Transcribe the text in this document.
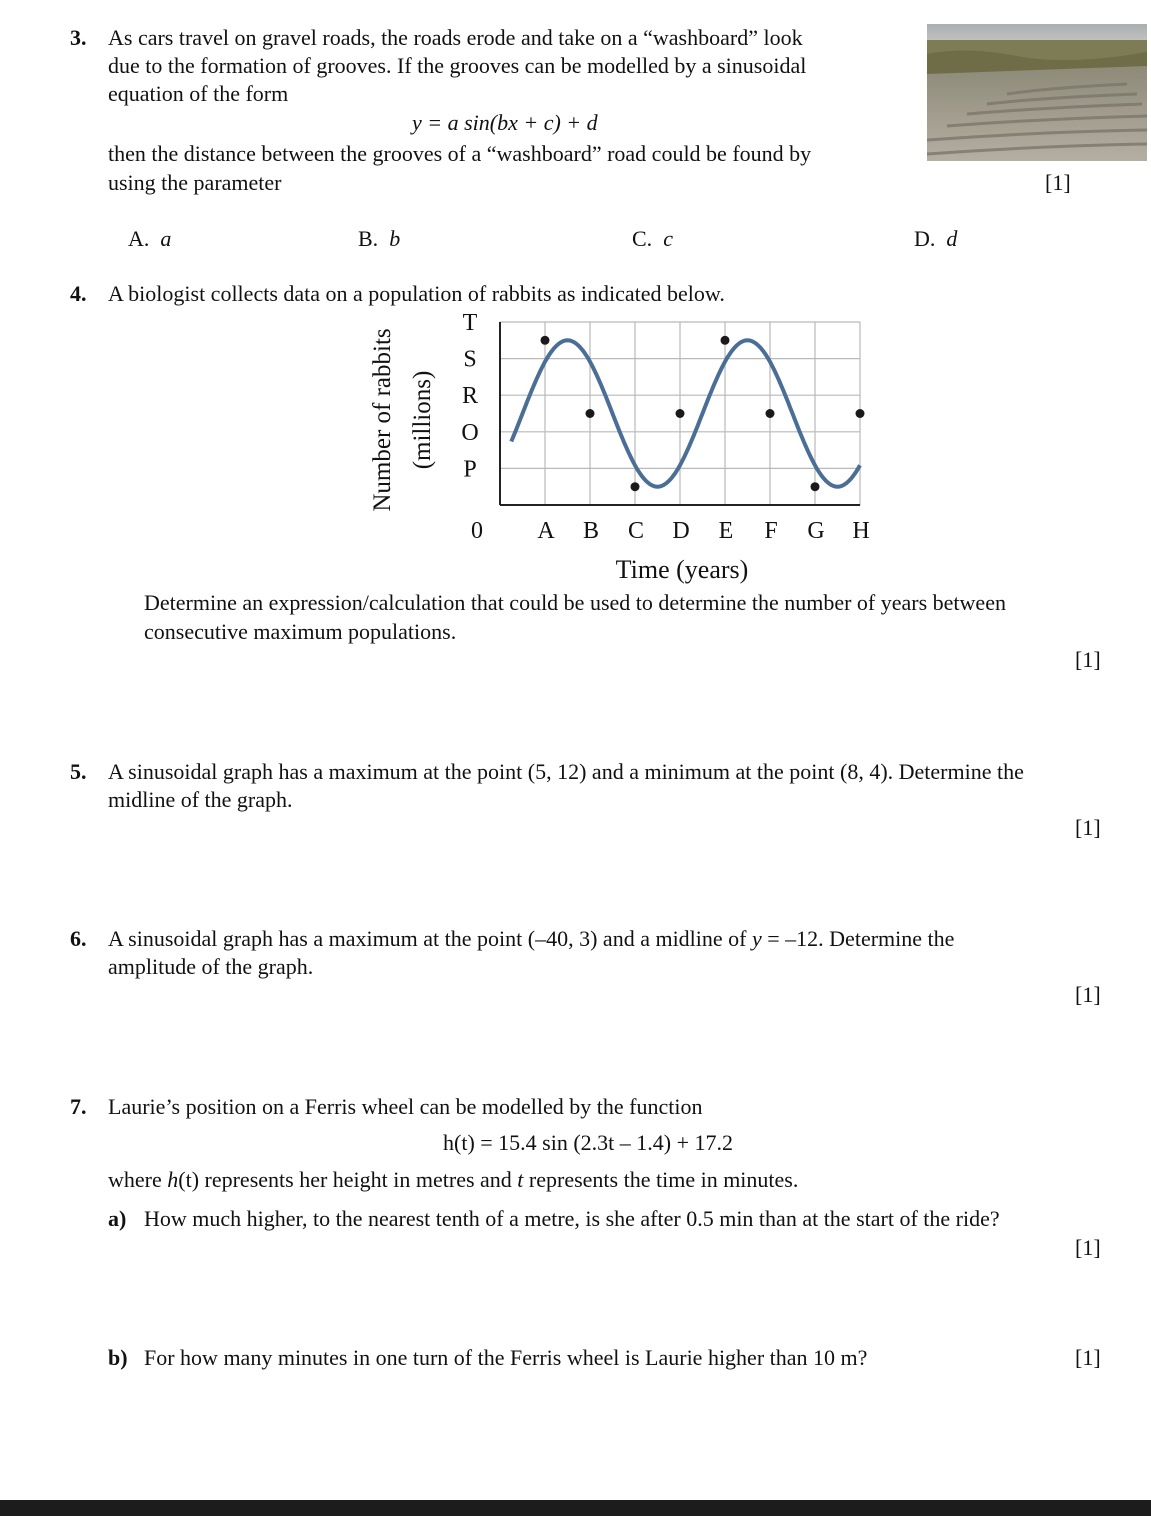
3. As cars travel on gravel roads, the roads erode and take on a “washboard” look
due to the formation of grooves. If the grooves can be modelled by a sinusoidal
equation of the form
y = a sin(bx + c) + d
then the distance between the grooves of a “washboard” road could be found by
using the parameter	[1]
A. a	B. b	C. c	D. d
4. A biologist collects data on a population of rabbits as indicated below.
P
O
R
S
T
0 A B C D E F G H
Number of rabbits (millions)
Time (years)
Determine an expression/calculation that could be used to determine the number of years between
consecutive maximum populations.
[1]
5. A sinusoidal graph has a maximum at the point (5, 12) and a minimum at the point (8, 4). Determine the
midline of the graph.
[1]
6. A sinusoidal graph has a maximum at the point (–40, 3) and a midline of y = –12. Determine the
amplitude of the graph.
[1]
7. Laurie’s position on a Ferris wheel can be modelled by the function
h(t) = 15.4 sin (2.3t – 1.4) + 17.2
where h(t) represents her height in metres and t represents the time in minutes.
a) How much higher, to the nearest tenth of a metre, is she after 0.5 min than at the start of the ride?
[1]
b) For how many minutes in one turn of the Ferris wheel is Laurie higher than 10 m?	[1]
